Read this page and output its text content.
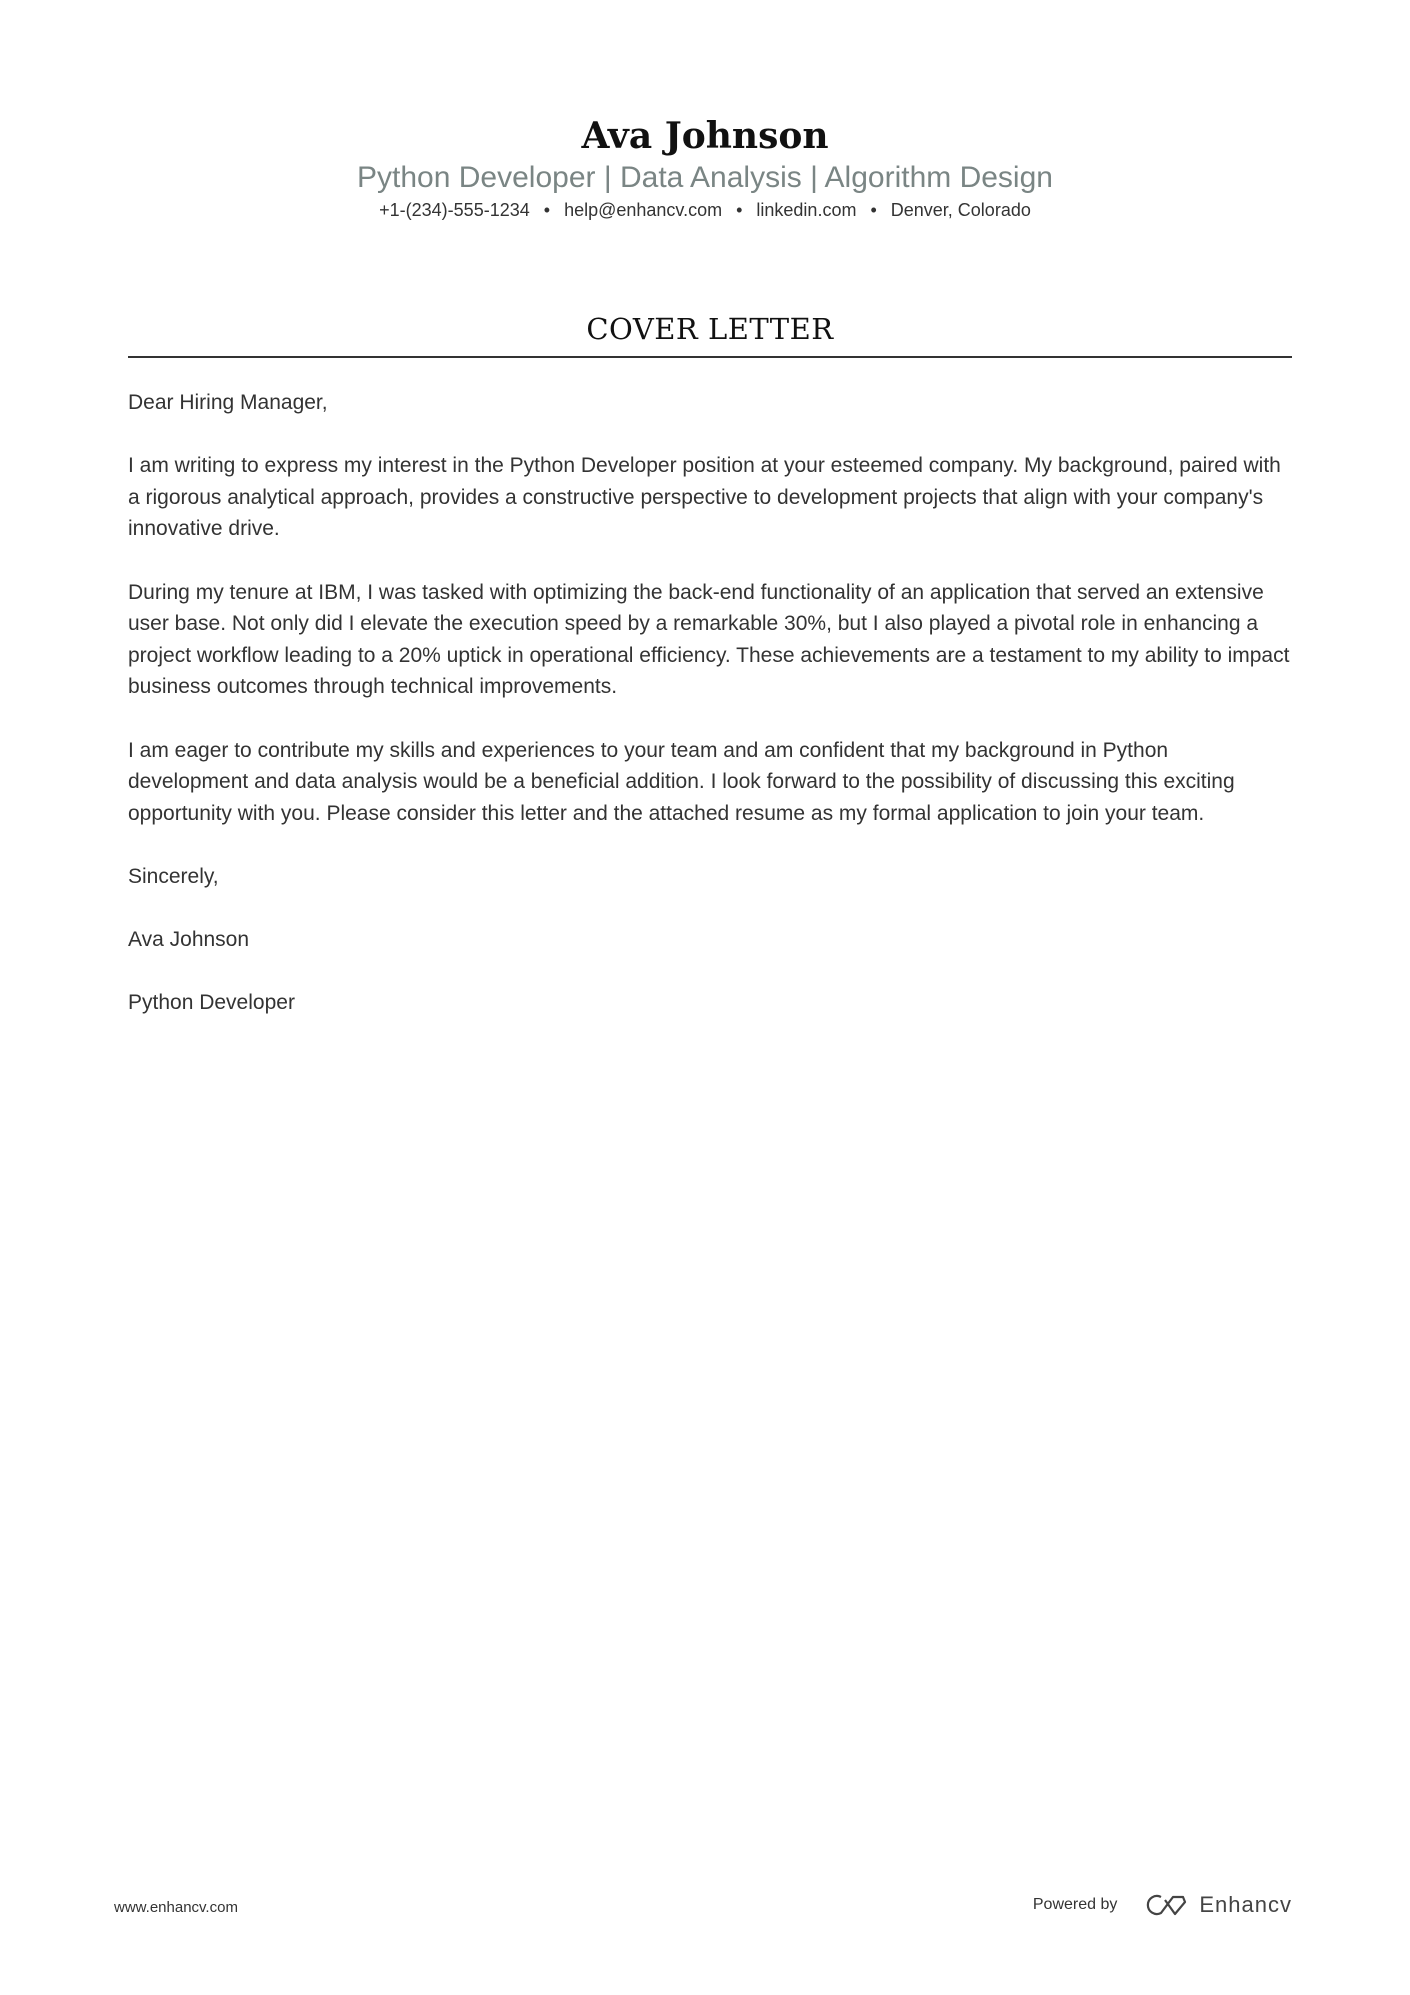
Ava Johnson
Python Developer | Data Analysis | Algorithm Design
+1-(234)-555-1234 • help@enhancv.com • linkedin.com • Denver, Colorado
COVER LETTER

Dear Hiring Manager,

I am writing to express my interest in the Python Developer position at your esteemed company. My background, paired with a rigorous analytical approach, provides a constructive perspective to development projects that align with your company's innovative drive.

During my tenure at IBM, I was tasked with optimizing the back-end functionality of an application that served an extensive user base. Not only did I elevate the execution speed by a remarkable 30%, but I also played a pivotal role in enhancing a project workflow leading to a 20% uptick in operational efficiency. These achievements are a testament to my ability to impact business outcomes through technical improvements.

I am eager to contribute my skills and experiences to your team and am confident that my background in Python development and data analysis would be a beneficial addition. I look forward to the possibility of discussing this exciting opportunity with you. Please consider this letter and the attached resume as my formal application to join your team.

Sincerely,

Ava Johnson

Python Developer

www.enhancv.com	Powered by	Enhancv
